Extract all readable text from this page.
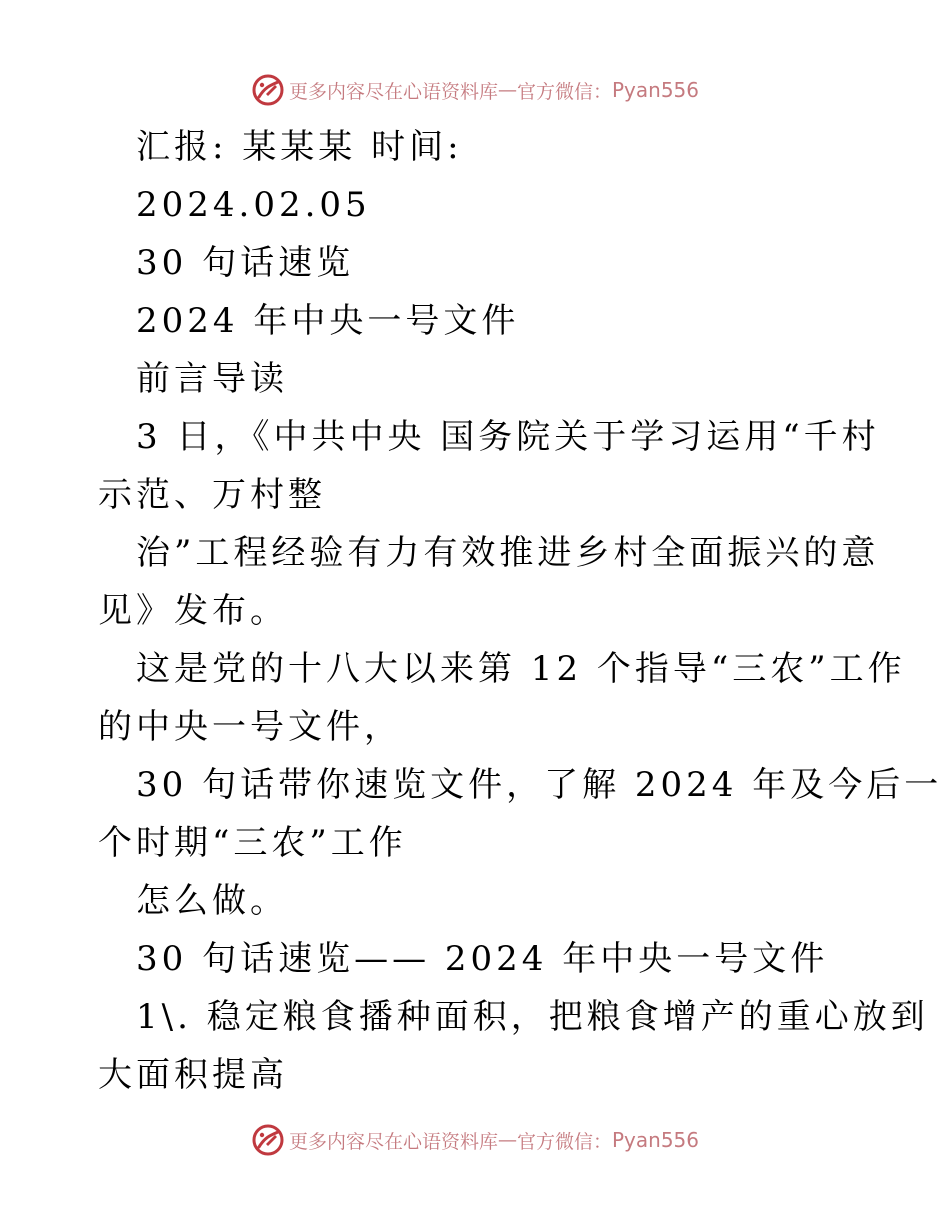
更多内容尽在心语资料库 — 官方微信： Pyan556
汇报: 某某某 时间:
2024.02.05
30 句话速览
2024 年中央一号文件
前言导读
3 日，《中共中央 国务院关于学习运用“千村
示范、万村整
治”工程经验有力有效推进乡村全面振兴的意
见》发布。
这是党的十八大以来第 12 个指导“三农”工作
的中央一号文件，
30 句话带你速览文件，了解 2024 年及今后一
个时期“三农”工作
怎么做。
30 句话速览—— 2024 年中央一号文件
1\. 稳定粮食播种面积，把粮食增产的重心放到
大面积提高
更多内容尽在心语资料库 — 官方微信： Pyan556
